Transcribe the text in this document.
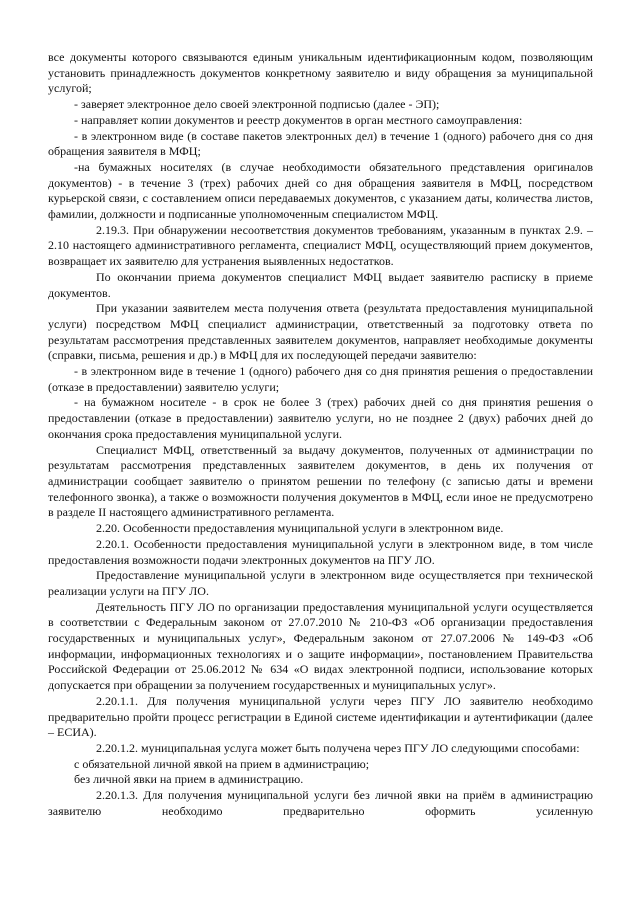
все документы которого связываются единым уникальным идентификационным кодом, позволяющим установить принадлежность документов конкретному заявителю и виду обращения за муниципальной услугой;

- заверяет электронное дело своей электронной подписью (далее - ЭП);

- направляет копии документов и реестр документов в орган местного самоуправления:

- в электронном виде (в составе пакетов электронных дел) в течение 1 (одного) рабочего дня со дня обращения заявителя в МФЦ;

-на бумажных носителях (в случае необходимости обязательного представления оригиналов документов) - в течение 3 (трех) рабочих дней со дня обращения заявителя в МФЦ, посредством курьерской связи, с составлением описи передаваемых документов, с указанием даты, количества листов, фамилии, должности и подписанные уполномоченным специалистом МФЦ.

2.19.3. При обнаружении несоответствия документов требованиям, указанным в пунктах 2.9. – 2.10 настоящего административного регламента, специалист МФЦ, осуществляющий прием документов, возвращает их заявителю для устранения выявленных недостатков.

По окончании приема документов специалист МФЦ выдает заявителю расписку в приеме документов.

При указании заявителем места получения ответа (результата предоставления муниципальной услуги) посредством МФЦ специалист администрации, ответственный за подготовку ответа по результатам рассмотрения представленных заявителем документов, направляет необходимые документы (справки, письма, решения и др.) в МФЦ для их последующей передачи заявителю:

- в электронном виде в течение 1 (одного) рабочего дня со дня принятия решения о предоставлении (отказе в предоставлении) заявителю услуги;

- на бумажном носителе - в срок не более 3 (трех) рабочих дней со дня принятия решения о предоставлении (отказе в предоставлении) заявителю услуги, но не позднее 2 (двух) рабочих дней до окончания срока предоставления муниципальной услуги.

Специалист МФЦ, ответственный за выдачу документов, полученных от администрации по результатам рассмотрения представленных заявителем документов, в день их получения от администрации сообщает заявителю о принятом решении по телефону (с записью даты и времени телефонного звонка), а также о возможности получения документов в МФЦ, если иное не предусмотрено в разделе II настоящего административного регламента.

2.20. Особенности предоставления муниципальной услуги в электронном виде.

2.20.1. Особенности предоставления муниципальной услуги в электронном виде, в том числе предоставления возможности подачи электронных документов на ПГУ ЛО.

Предоставление муниципальной услуги в электронном виде осуществляется при технической реализации услуги на ПГУ ЛО.

Деятельность ПГУ ЛО по организации предоставления муниципальной услуги осуществляется в соответствии с Федеральным законом от 27.07.2010 № 210-ФЗ «Об организации предоставления государственных и муниципальных услуг», Федеральным законом от 27.07.2006 № 149-ФЗ «Об информации, информационных технологиях и о защите информации», постановлением Правительства Российской Федерации от 25.06.2012 № 634 «О видах электронной подписи, использование которых допускается при обращении за получением государственных и муниципальных услуг».

2.20.1.1. Для получения муниципальной услуги через ПГУ ЛО заявителю необходимо предварительно пройти процесс регистрации в Единой системе идентификации и аутентификации (далее – ЕСИА).

2.20.1.2. муниципальная услуга может быть получена через ПГУ ЛО следующими способами:

с обязательной личной явкой на прием в администрацию;

без личной явки на прием в администрацию.

2.20.1.3. Для получения муниципальной услуги без личной явки на приём в администрацию заявителю необходимо предварительно оформить усиленную
